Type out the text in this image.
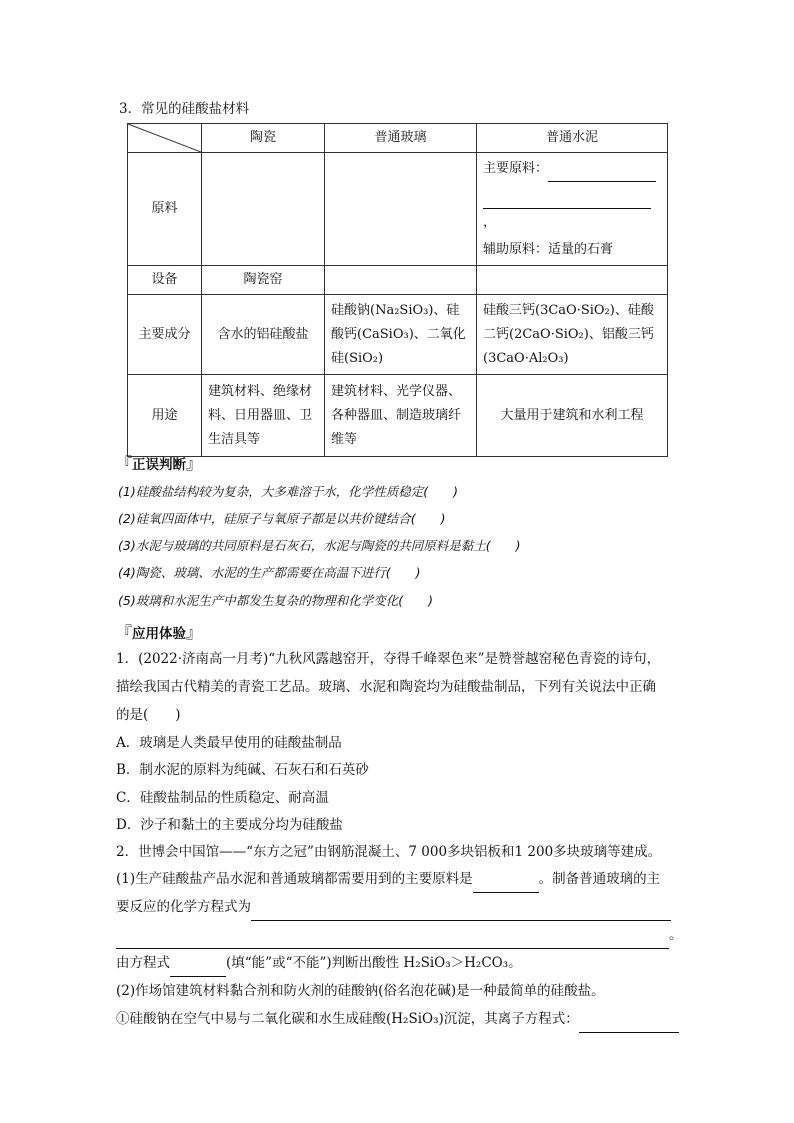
3．常见的硅酸盐材料
	陶瓷	普通玻璃	普通水泥
原料			主要原料：
，
辅助原料：适量的石膏

设备	陶瓷窑		
主要成分	含水的铝硅酸盐	硅酸钠(Na₂SiO₃)、硅酸钙(CaSiO₃)、二氧化硅(SiO₂)	硅酸三钙(3CaO·SiO₂)、硅酸二钙(2CaO·SiO₂)、铝酸三钙(3CaO·Al₂O₃)
用途	建筑材料、绝缘材料、日用器皿、卫生洁具等	建筑材料、光学仪器、各种器皿、制造玻璃纤维等	大量用于建筑和水利工程
『正误判断』
(1)硅酸盐结构较为复杂，大多难溶于水，化学性质稳定(　　)
(2)硅氧四面体中，硅原子与氧原子都是以共价键结合(　　)
(3)水泥与玻璃的共同原料是石灰石，水泥与陶瓷的共同原料是黏土(　　)
(4)陶瓷、玻璃、水泥的生产都需要在高温下进行(　　)
(5)玻璃和水泥生产中都发生复杂的物理和化学变化(　　)
『应用体验』
1．(2022·济南高一月考)“九秋风露越窑开，夺得千峰翠色来”是赞誉越窑秘色青瓷的诗句，
描绘我国古代精美的青瓷工艺品。玻璃、水泥和陶瓷均为硅酸盐制品，下列有关说法中正确
的是(　　)
A．玻璃是人类最早使用的硅酸盐制品
B．制水泥的原料为纯碱、石灰石和石英砂
C．硅酸盐制品的性质稳定、耐高温
D．沙子和黏土的主要成分均为硅酸盐
2．世博会中国馆——“东方之冠”由钢筋混凝土、7 000多块铝板和1 200多块玻璃等建成。
(1)生产硅酸盐产品水泥和普通玻璃都需要用到的主要原料是	。制备普通玻璃的主
要反应的化学方程式为
。
由方程式	(填“能”或“不能”)判断出酸性 H₂SiO₃＞H₂CO₃。
(2)作场馆建筑材料黏合剂和防火剂的硅酸钠(俗名泡花碱)是一种最简单的硅酸盐。
①硅酸钠在空气中易与二氧化碳和水生成硅酸(H₂SiO₃)沉淀，其离子方程式：
